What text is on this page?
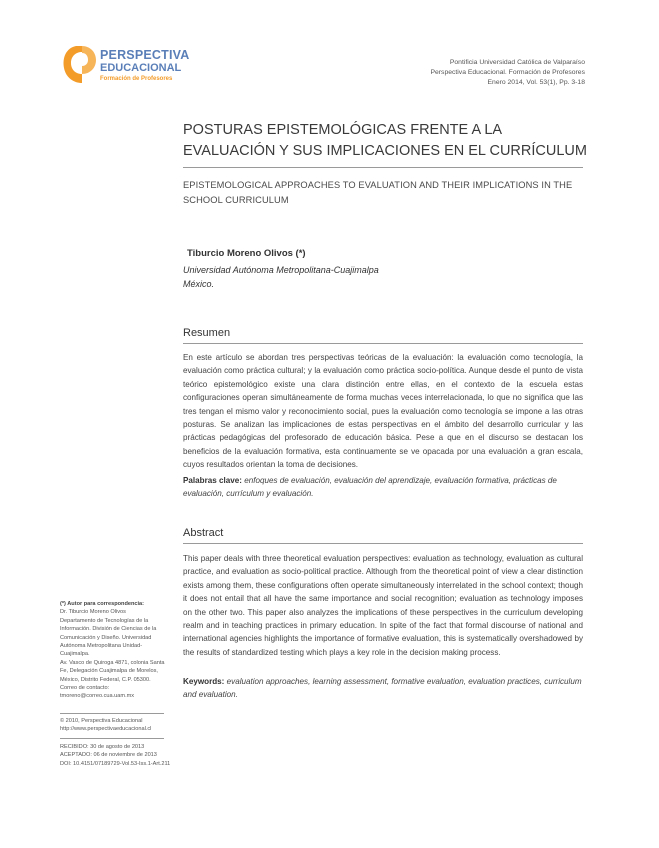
PERSPECTIVA
EDUCACIONAL
Formación de Profesores
Pontificia Universidad Católica de Valparaíso
Perspectiva Educacional. Formación de Profesores
Enero 2014, Vol. 53(1), Pp. 3-18
POSTURAS EPISTEMOLÓGICAS FRENTE A LA EVALUACIÓN Y SUS IMPLICACIONES EN EL CURRÍCULUM
EPISTEMOLOGICAL APPROACHES TO EVALUATION AND THEIR IMPLICATIONS IN THE SCHOOL CURRICULUM
Tiburcio Moreno Olivos (*)
Universidad Autónoma Metropolitana-Cuajimalpa
México.
Resumen
En este artículo se abordan tres perspectivas teóricas de la evaluación: la evaluación como tecnología, la evaluación como práctica cultural; y la evaluación como práctica socio-política. Aunque desde el punto de vista teórico epistemológico existe una clara distinción entre ellas, en el contexto de la escuela estas configuraciones operan simultáneamente de forma muchas veces interrelacionada, lo que no significa que las tres tengan el mismo valor y reconocimiento social, pues la evaluación como tecnología se impone a las otras posturas. Se analizan las implicaciones de estas perspectivas en el ámbito del desarrollo curricular y las prácticas pedagógicas del profesorado de educación básica. Pese a que en el discurso se destacan los beneficios de la evaluación formativa, esta continuamente se ve opacada por una evaluación a gran escala, cuyos resultados orientan la toma de decisiones.
Palabras clave: enfoques de evaluación, evaluación del aprendizaje, evaluación formativa, prácticas de evaluación, currículum y evaluación.
Abstract
This paper deals with three theoretical evaluation perspectives: evaluation as technology, evaluation as cultural practice, and evaluation as socio-political practice. Although from the theoretical point of view a clear distinction exists among them, these configurations often operate simultaneously interrelated in the school context; though it does not entail that all have the same importance and social recognition; evaluation as technology imposes on the other two. This paper also analyzes the implications of these perspectives in the curriculum developing realm and in teaching practices in primary education. In spite of the fact that formal discourse of national and international agencies highlights the importance of formative evaluation, this is systematically overshadowed by the results of standardized testing which plays a key role in the decision making process.
Keywords: evaluation approaches, learning assessment, formative evaluation, evaluation practices, curriculum and evaluation.
(*) Autor para correspondencia:
Dr. Tiburcio Moreno Olivos
Departamento de Tecnologías de la
Información. División de Ciencias de la
Comunicación y Diseño. Universidad
Autónoma Metropolitana Unidad-
Cuajimalpa.
Av. Vasco de Quiroga 4871, colonia Santa
Fe, Delegación Cuajimalpa de Morelos,
México, Distrito Federal, C.P. 05300.
Correo de contacto:
tmoreno@correo.cua.uam.mx
© 2010, Perspectiva Educacional
http://www.perspectivaeducacional.cl
RECIBIDO: 30 de agosto de 2013
ACEPTADO: 06 de noviembre de 2013
DOI: 10.4151/07189729-Vol.53-Iss.1-Art.211
